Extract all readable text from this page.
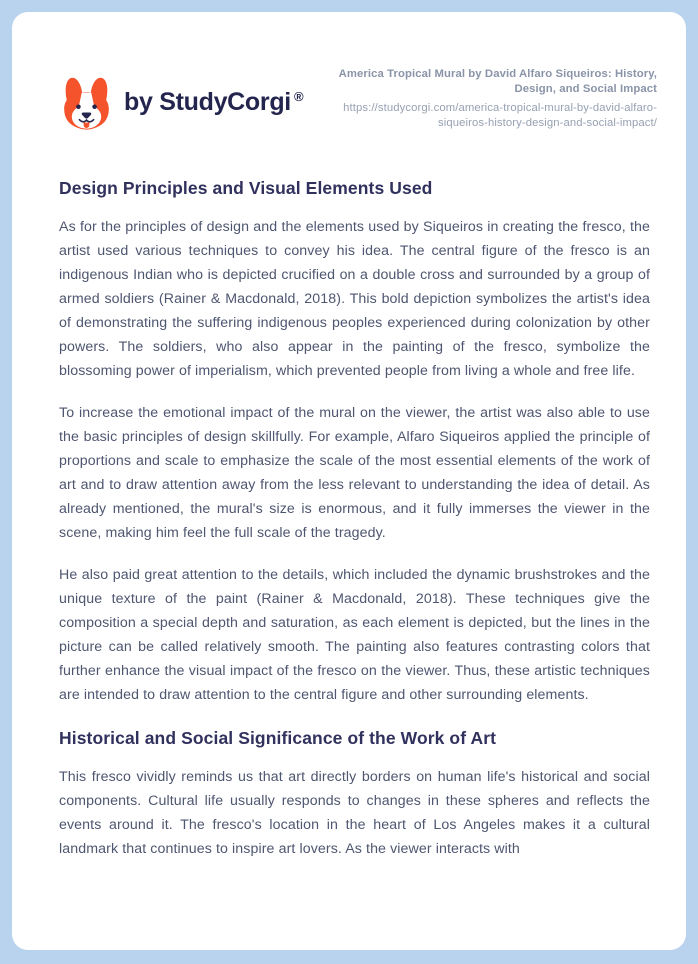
by StudyCorgi ®
America Tropical Mural by David Alfaro Siqueiros: History, Design, and Social Impact
https://studycorgi.com/america-tropical-mural-by-david-alfaro-siqueiros-history-design-and-social-impact/
Design Principles and Visual Elements Used

As for the principles of design and the elements used by Siqueiros in creating the fresco, the artist used various techniques to convey his idea. The central figure of the fresco is an indigenous Indian who is depicted crucified on a double cross and surrounded by a group of armed soldiers (Rainer & Macdonald, 2018). This bold depiction symbolizes the artist's idea of demonstrating the suffering indigenous peoples experienced during colonization by other powers. The soldiers, who also appear in the painting of the fresco, symbolize the blossoming power of imperialism, which prevented people from living a whole and free life.

To increase the emotional impact of the mural on the viewer, the artist was also able to use the basic principles of design skillfully. For example, Alfaro Siqueiros applied the principle of proportions and scale to emphasize the scale of the most essential elements of the work of art and to draw attention away from the less relevant to understanding the idea of detail. As already mentioned, the mural's size is enormous, and it fully immerses the viewer in the scene, making him feel the full scale of the tragedy.

He also paid great attention to the details, which included the dynamic brushstrokes and the unique texture of the paint (Rainer & Macdonald, 2018). These techniques give the composition a special depth and saturation, as each element is depicted, but the lines in the picture can be called relatively smooth. The painting also features contrasting colors that further enhance the visual impact of the fresco on the viewer. Thus, these artistic techniques are intended to draw attention to the central figure and other surrounding elements.

Historical and Social Significance of the Work of Art

This fresco vividly reminds us that art directly borders on human life's historical and social components. Cultural life usually responds to changes in these spheres and reflects the events around it. The fresco's location in the heart of Los Angeles makes it a cultural landmark that continues to inspire art lovers. As the viewer interacts with
